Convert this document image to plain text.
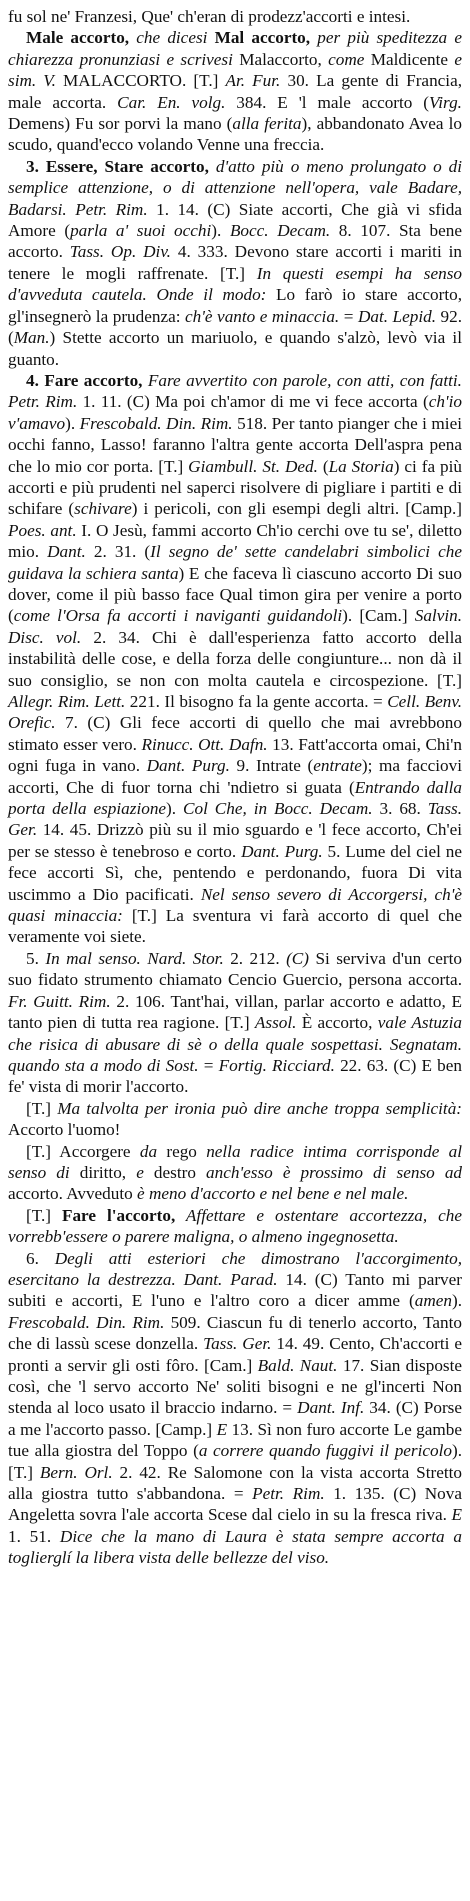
fu sol ne' Franzesi, Que' ch'eran di prodezz'accorti e intesi.

Male accorto, che dicesi Mal accorto, per più speditezza e chiarezza pronunziasi e scrivesi Malaccorto, come Maldicente e sim. V. MALACCORTO. [T.] Ar. Fur. 30. La gente di Francia, male accorta. Car. En. volg. 384. E 'l male accorto (Virg. Demens) Fu sor porvi la mano (alla ferita), abbandonato Avea lo scudo, quand'ecco volando Venne una freccia.

3. Essere, Stare accorto, d'atto più o meno prolungato o di semplice attenzione, o di attenzione nell'opera, vale Badare, Badarsi. Petr. Rim. 1. 14. (C) Siate accorti, Che già vi sfida Amore (parla a' suoi occhi). Bocc. Decam. 8. 107. Sta bene accorto. Tass. Op. Div. 4. 333. Devono stare accorti i mariti in tenere le mogli raffrenate. [T.] In questi esempi ha senso d'avveduta cautela. Onde il modo: Lo farò io stare accorto, gl'insegnerò la prudenza: ch'è vanto e minaccia. = Dat. Lepid. 92. (Man.) Stette accorto un mariuolo, e quando s'alzò, levò via il guanto.

4. Fare accorto, Fare avvertito con parole, con atti, con fatti. Petr. Rim. 1. 11. (C) Ma poi ch'amor di me vi fece accorta (ch'io v'amavo). Frescobald. Din. Rim. 518. Per tanto pianger che i miei occhi fanno, Lasso! faranno l'altra gente accorta Dell'aspra pena che lo mio cor porta. [T.] Giambull. St. Ded. (La Storia) ci fa più accorti e più prudenti nel saperci risolvere di pigliare i partiti e di schifare (schivare) i pericoli, con gli esempi degli altri. [Camp.] Poes. ant. I. O Jesù, fammi accorto Ch'io cerchi ove tu se', diletto mio. Dant. 2. 31. (Il segno de' sette candelabri simbolici che guidava la schiera santa) E che faceva lì ciascuno accorto Di suo dover, come il più basso face Qual timon gira per venire a porto (come l'Orsa fa accorti i naviganti guidandoli). [Cam.] Salvin. Disc. vol. 2. 34. Chi è dall'esperienza fatto accorto della instabilità delle cose, e della forza delle congiunture... non dà il suo consiglio, se non con molta cautela e circospezione. [T.] Allegr. Rim. Lett. 221. Il bisogno fa la gente accorta. = Cell. Benv. Orefic. 7. (C) Gli fece accorti di quello che mai avrebbono stimato esser vero. Rinucc. Ott. Dafn. 13. Fatt'accorta omai, Chi'n ogni fuga in vano. Dant. Purg. 9. Intrate (entrate); ma facciovi accorti, Che di fuor torna chi 'ndietro si guata (Entrando dalla porta della espiazione). Col Che, in Bocc. Decam. 3. 68. Tass. Ger. 14. 45. Drizzò più su il mio sguardo e 'l fece accorto, Ch'ei per se stesso è tenebroso e corto. Dant. Purg. 5. Lume del ciel ne fece accorti Sì, che, pentendo e perdonando, fuora Di vita uscimmo a Dio pacificati. Nel senso severo di Accorgersi, ch'è quasi minaccia: [T.] La sventura vi farà accorto di quel che veramente voi siete.

5. In mal senso. Nard. Stor. 2. 212. (C) Si serviva d'un certo suo fidato strumento chiamato Cencio Guercio, persona accorta. Fr. Guitt. Rim. 2. 106. Tant'hai, villan, parlar accorto e adatto, E tanto pien di tutta rea ragione. [T.] Assol. È accorto, vale Astuzia che risica di abusare di sè o della quale sospettasi. Segnatam. quando sta a modo di Sost. = Fortig. Ricciard. 22. 63. (C) E ben fe' vista di morir l'accorto.

[T.] Ma talvolta per ironia può dire anche troppa semplicità: Accorto l'uomo!

[T.] Accorgere da rego nella radice intima corrisponde al senso di diritto, e destro anch'esso è prossimo di senso ad accorto. Avveduto è meno d'accorto e nel bene e nel male.

[T.] Fare l'accorto, Affettare e ostentare accortezza, che vorrebb'essere o parere maligna, o almeno ingegnosetta.

6. Degli atti esteriori che dimostrano l'accorgimento, esercitano la destrezza. Dant. Parad. 14. (C) Tanto mi parver subiti e accorti, E l'uno e l'altro coro a dicer amme (amen). Frescobald. Din. Rim. 509. Ciascun fu di tenerlo accorto, Tanto che di lassù scese donzella. Tass. Ger. 14. 49. Cento, Ch'accorti e pronti a servir gli osti fôro. [Cam.] Bald. Naut. 17. Sian disposte così, che 'l servo accorto Ne' soliti bisogni e ne gl'incerti Non stenda al loco usato il braccio indarno. = Dant. Inf. 34. (C) Porse a me l'accorto passo. [Camp.] E 13. Sì non furo accorte Le gambe tue alla giostra del Toppo (a correre quando fuggivi il pericolo). [T.] Bern. Orl. 2. 42. Re Salomone con la vista accorta Stretto alla giostra tutto s'abbandona. = Petr. Rim. 1. 135. (C) Nova Angeletta sovra l'ale accorta Scese dal cielo in su la fresca riva. E 1. 51. Dice che la mano di Laura è stata sempre accorta a toglierglí la libera vista delle bellezze del viso.
